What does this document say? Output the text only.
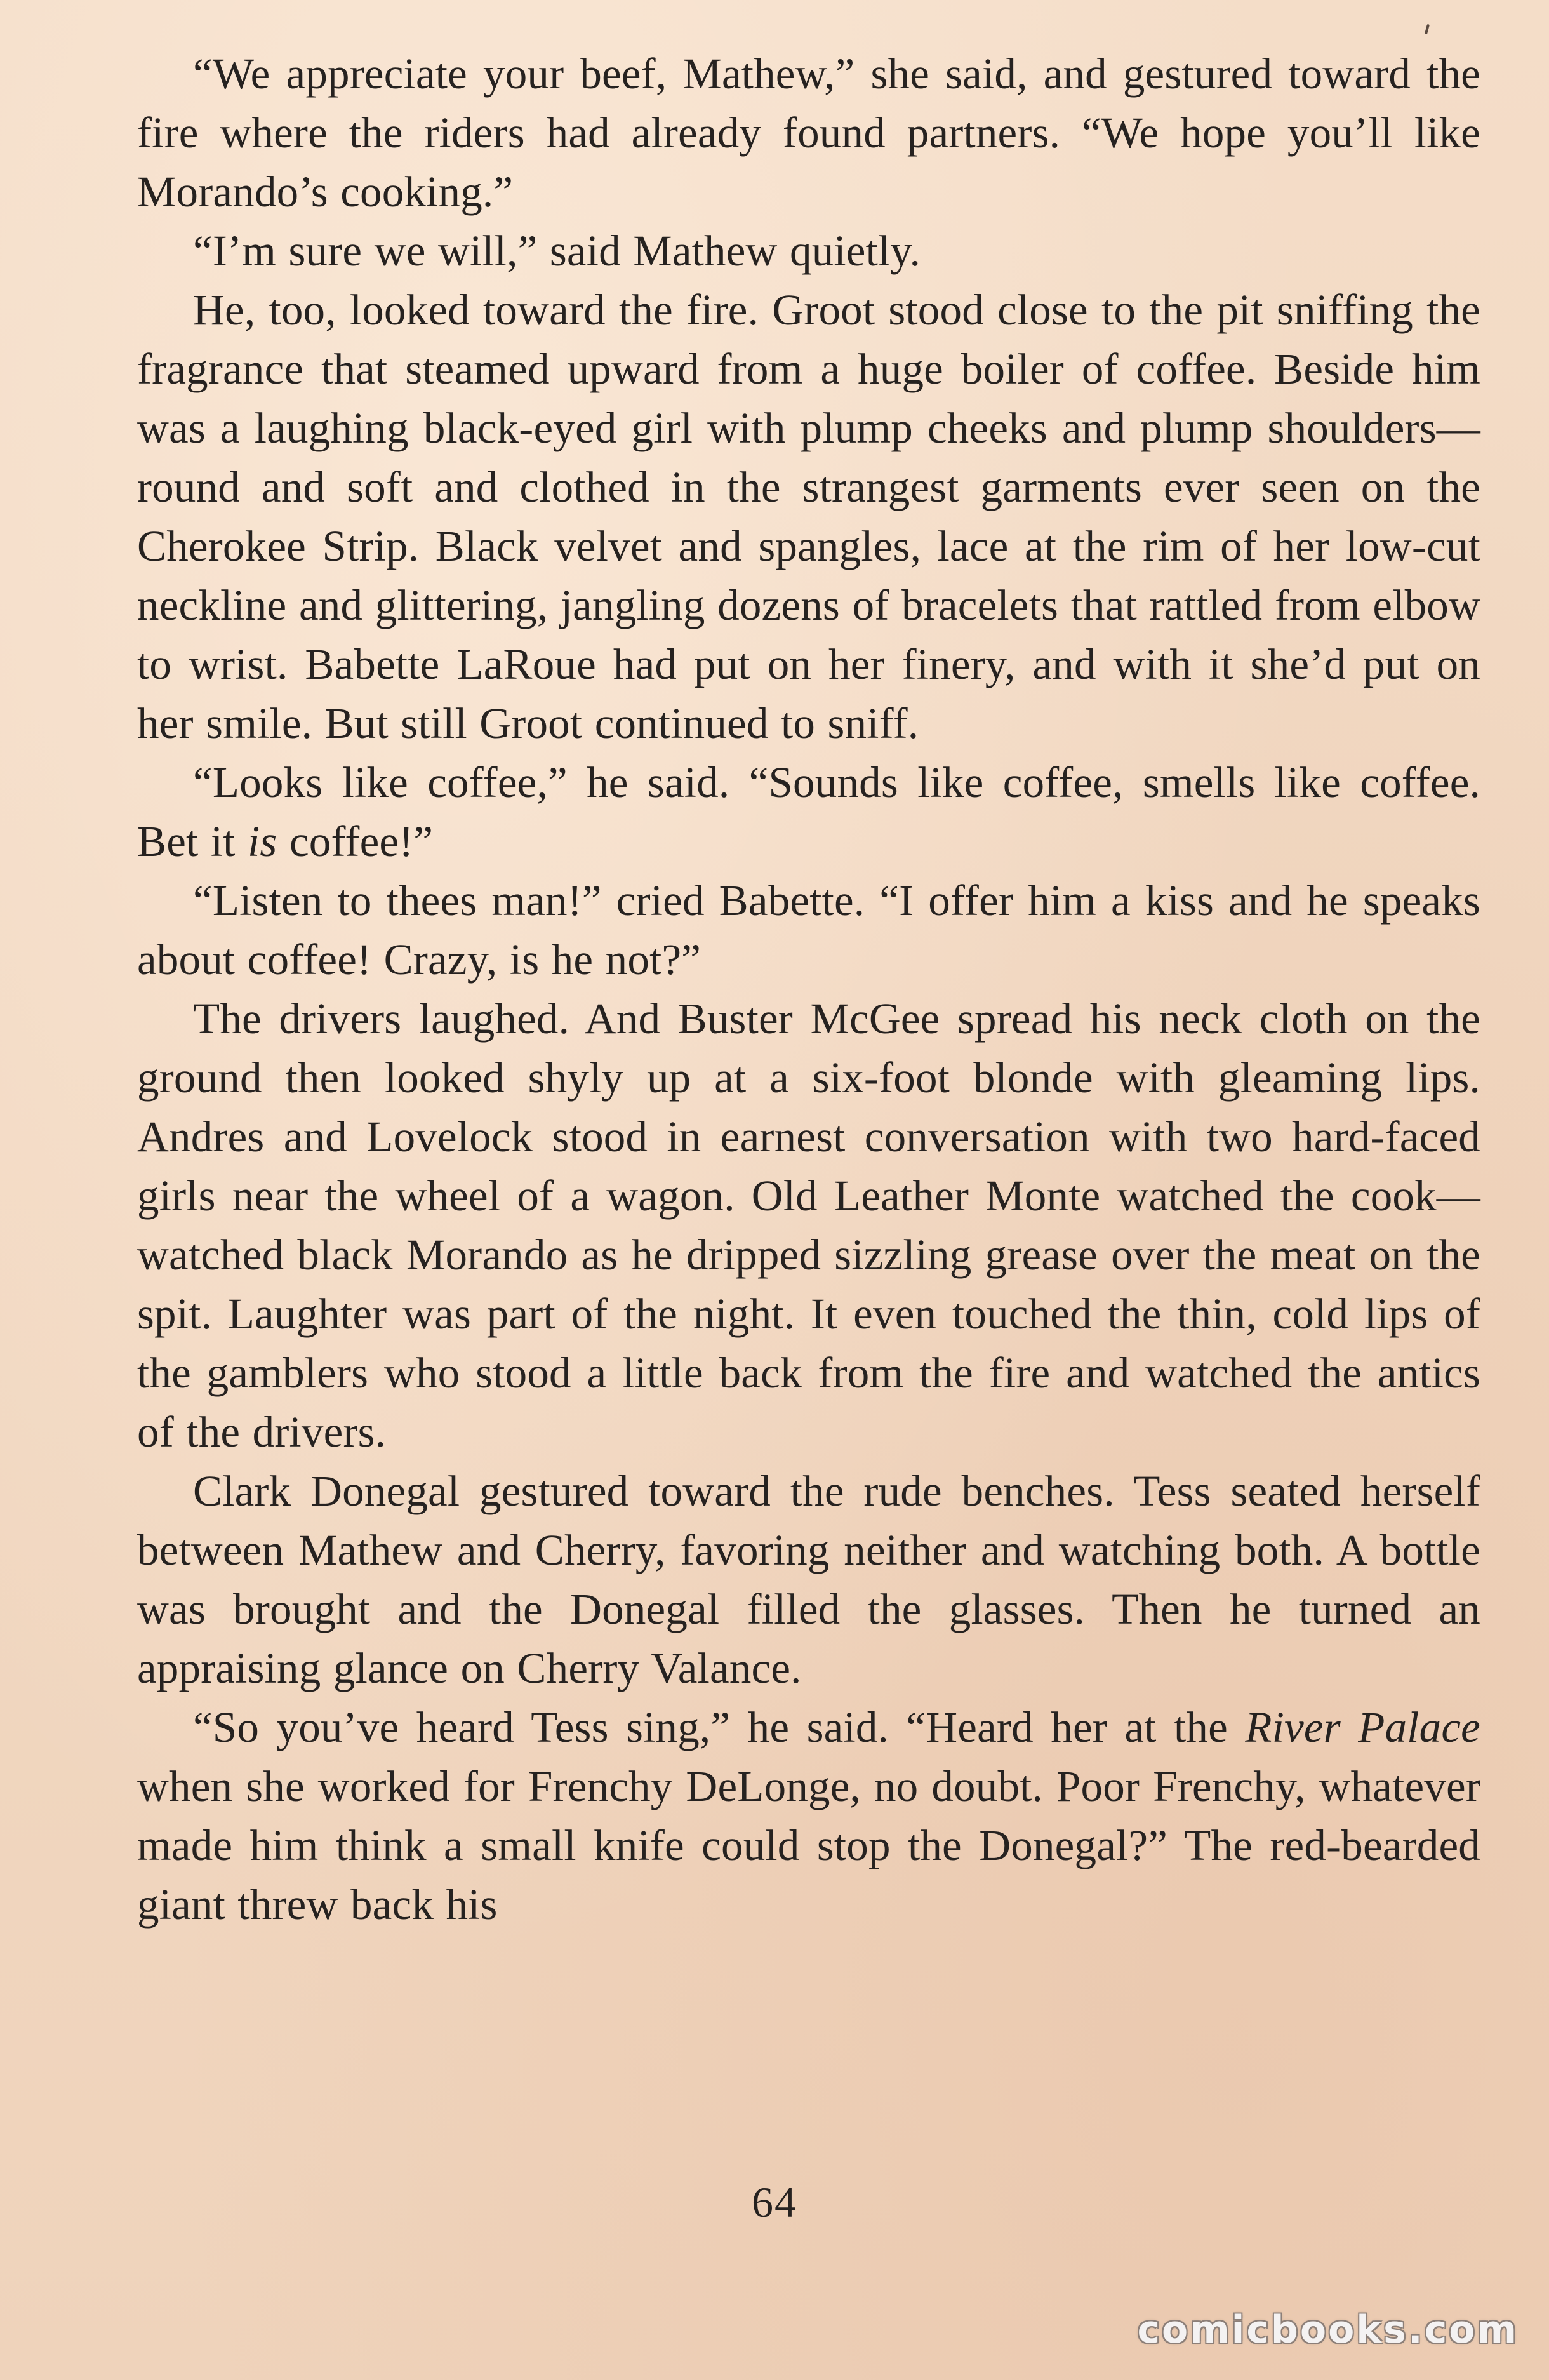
“We appreciate your beef, Mathew,” she said, and gestured toward the fire where the riders had already found partners. “We hope you’ll like Morando’s cooking.”

“I’m sure we will,” said Mathew quietly.

He, too, looked toward the fire. Groot stood close to the pit sniffing the fragrance that steamed upward from a huge boiler of coffee. Beside him was a laughing black-eyed girl with plump cheeks and plump shoulders—round and soft and clothed in the strangest garments ever seen on the Cherokee Strip. Black velvet and spangles, lace at the rim of her low-cut neckline and glittering, jangling dozens of bracelets that rattled from elbow to wrist. Babette LaRoue had put on her finery, and with it she’d put on her smile. But still Groot continued to sniff.

“Looks like coffee,” he said. “Sounds like coffee, smells like coffee. Bet it is coffee!”

“Listen to thees man!” cried Babette. “I offer him a kiss and he speaks about coffee! Crazy, is he not?”

The drivers laughed. And Buster McGee spread his neck cloth on the ground then looked shyly up at a six-foot blonde with gleaming lips. Andres and Lovelock stood in earnest conversation with two hard-faced girls near the wheel of a wagon. Old Leather Monte watched the cook—watched black Morando as he dripped sizzling grease over the meat on the spit. Laughter was part of the night. It even touched the thin, cold lips of the gamblers who stood a little back from the fire and watched the antics of the drivers.

Clark Donegal gestured toward the rude benches. Tess seated herself between Mathew and Cherry, favoring neither and watching both. A bottle was brought and the Donegal filled the glasses. Then he turned an appraising glance on Cherry Valance.

“So you’ve heard Tess sing,” he said. “Heard her at the River Palace when she worked for Frenchy DeLonge, no doubt. Poor Frenchy, whatever made him think a small knife could stop the Donegal?” The red-bearded giant threw back his

64
comicbooks.com
